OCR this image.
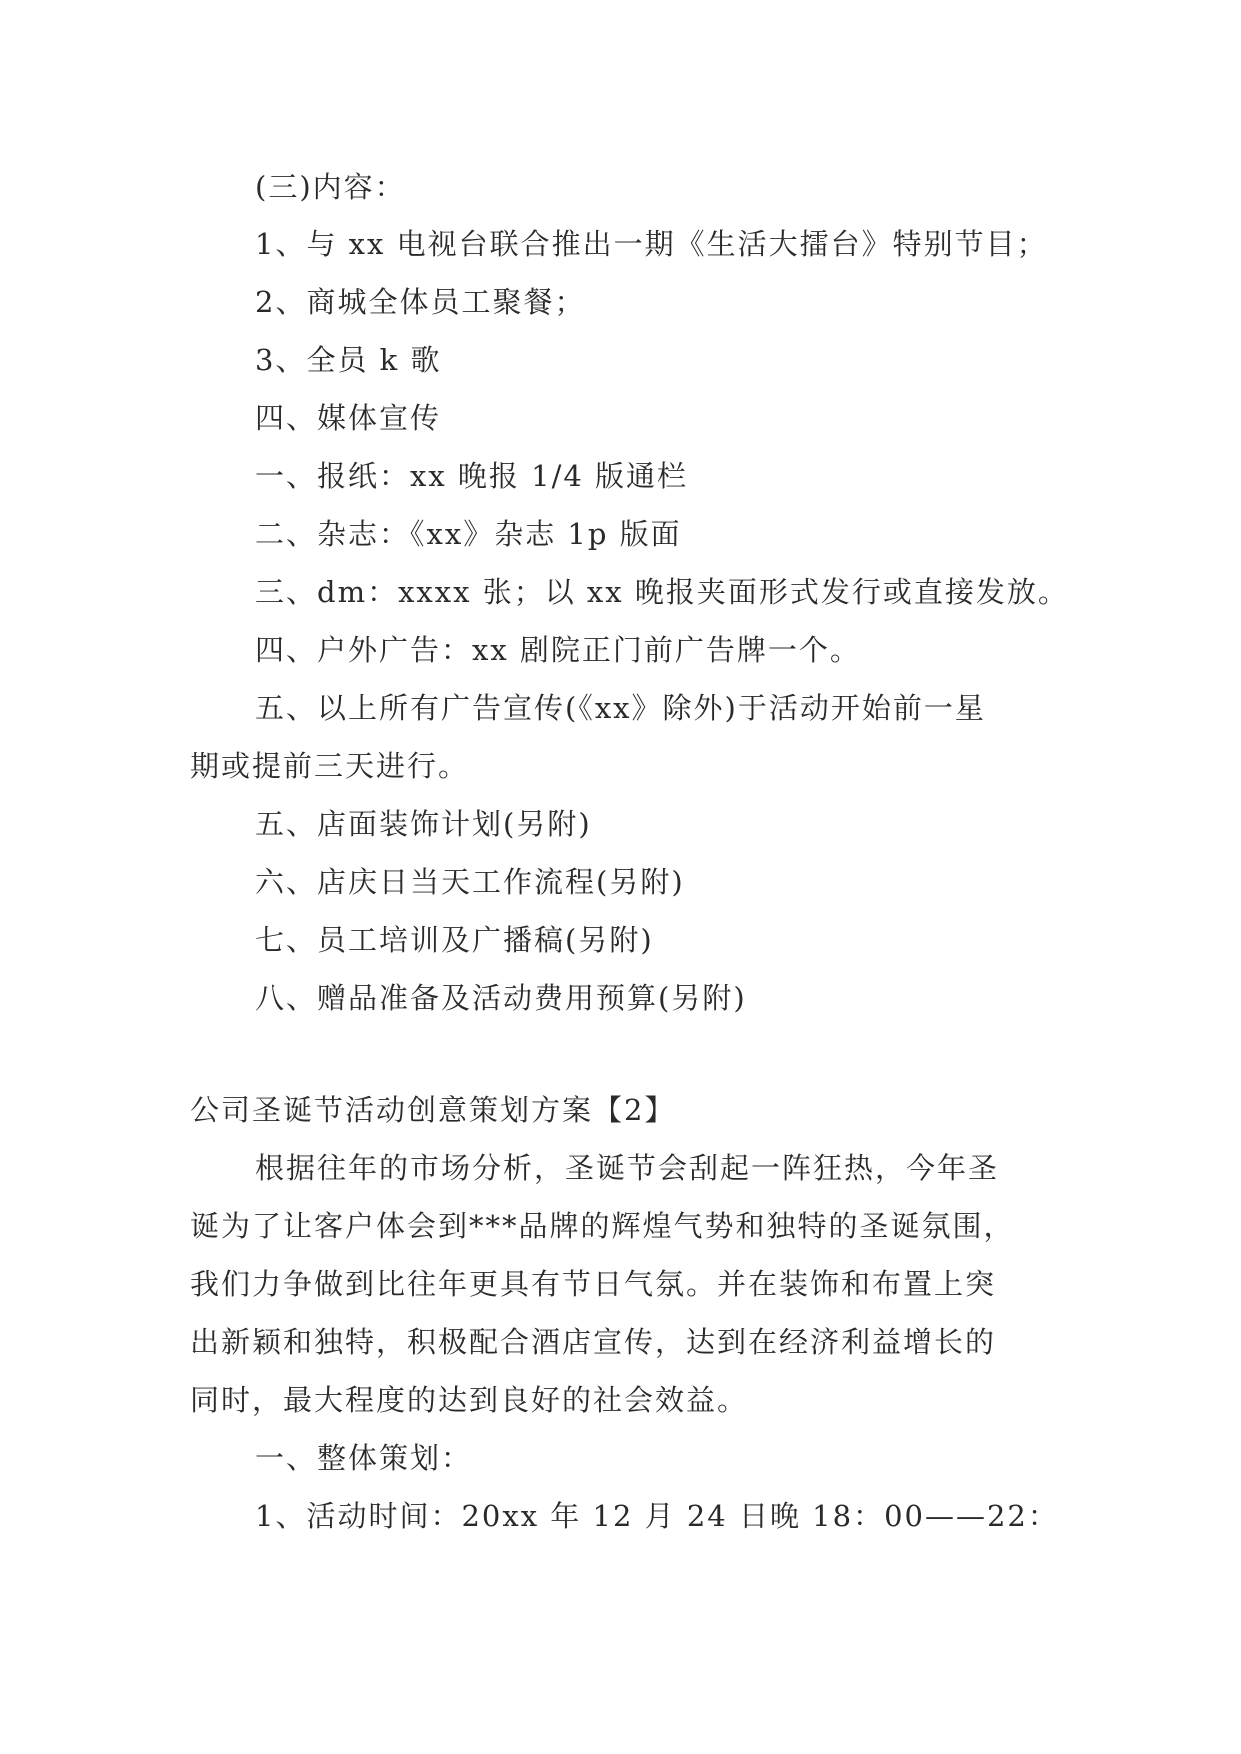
(三)内容：

1、与 xx 电视台联合推出一期《生活大擂台》特别节目；

2、商城全体员工聚餐；

3、全员 k 歌

四、媒体宣传

一、报纸：xx 晚报 1/4 版通栏

二、杂志：《xx》杂志 1p 版面

三、dm：xxxx 张；以 xx 晚报夹面形式发行或直接发放。

四、户外广告：xx 剧院正门前广告牌一个。

五、以上所有广告宣传(《xx》除外)于活动开始前一星

期或提前三天进行。

五、店面装饰计划(另附)

六、店庆日当天工作流程(另附)

七、员工培训及广播稿(另附)

八、赠品准备及活动费用预算(另附)

公司圣诞节活动创意策划方案【2】

根据往年的市场分析，圣诞节会刮起一阵狂热，今年圣

诞为了让客户体会到***品牌的辉煌气势和独特的圣诞氛围，

我们力争做到比往年更具有节日气氛。并在装饰和布置上突

出新颖和独特，积极配合酒店宣传，达到在经济利益增长的

同时，最大程度的达到良好的社会效益。

一、整体策划：

1、活动时间：20xx 年 12 月 24 日晚 18：00——22：
